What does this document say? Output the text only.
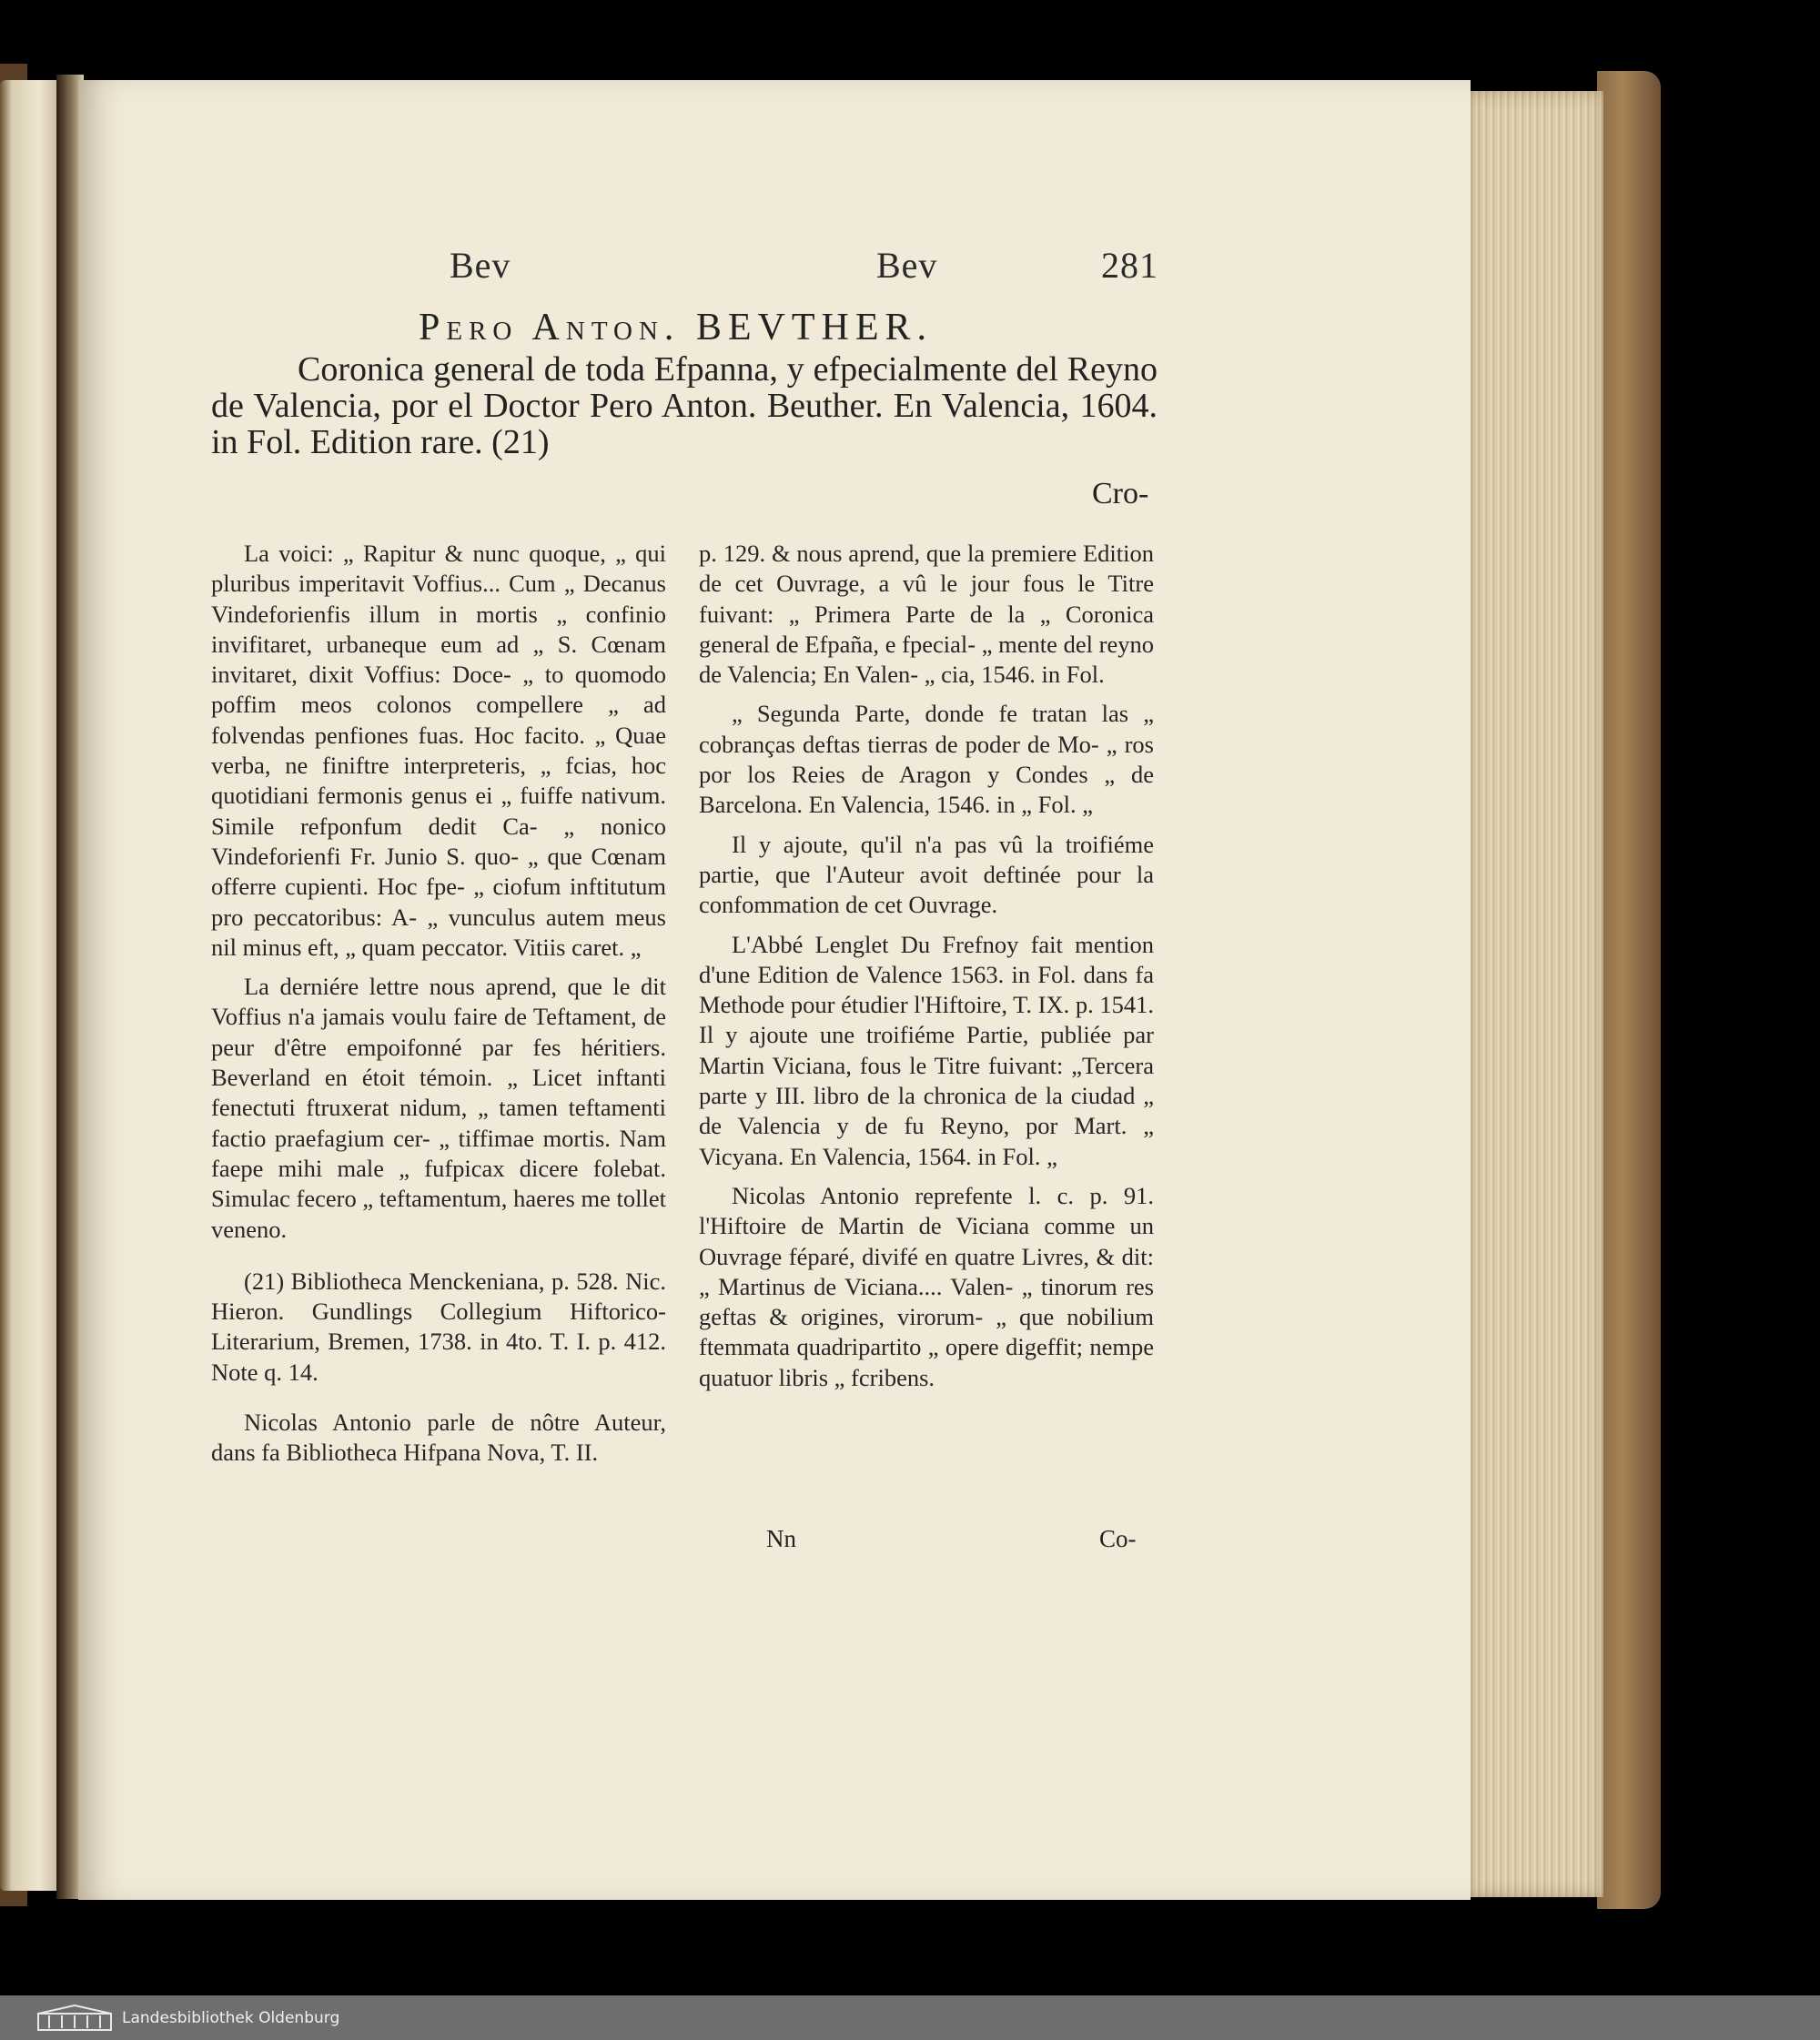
Bev	Bev	281
Pero Anton. BEVTHER.
Coronica general de toda Efpanna, y efpecialmente del Reyno de Valencia, por el Doctor Pero Anton. Beuther. En Valencia, 1604. in Fol. Edition rare. (21)
Cro-

La voici: „ Rapitur & nunc quoque, „ qui pluribus imperitavit Voffius... Cum „ Decanus Vindeforienfis illum in mortis „ confinio invifitaret, urbaneque eum ad „ S. Cœnam invitaret, dixit Voffius: Doce- „ to quomodo poffim meos colonos compellere „ ad folvendas penfiones fuas. Hoc facito. „ Quae verba, ne finiftre interpreteris, „ fcias, hoc quotidiani fermonis genus ei „ fuiffe nativum. Simile refponfum dedit Ca- „ nonico Vindeforienfi Fr. Junio S. quo- „ que Cœnam offerre cupienti. Hoc fpe- „ ciofum inftitutum pro peccatoribus: A- „ vunculus autem meus nil minus eft, „ quam peccator. Vitiis caret. „

La derniére lettre nous aprend, que le dit Voffius n'a jamais voulu faire de Teftament, de peur d'être empoifonné par fes héritiers. Beverland en étoit témoin. „ Licet inftanti fenectuti ftruxerat nidum, „ tamen teftamenti factio praefagium cer- „ tiffimae mortis. Nam faepe mihi male „ fufpicax dicere folebat. Simulac fecero „ teftamentum, haeres me tollet veneno.

(21) Bibliotheca Menckeniana, p. 528. Nic. Hieron. Gundlings Collegium Hiftorico-Literarium, Bremen, 1738. in 4to. T. I. p. 412. Note q. 14.

Nicolas Antonio parle de nôtre Auteur, dans fa Bibliotheca Hifpana Nova, T. II.

p. 129. & nous aprend, que la premiere Edition de cet Ouvrage, a vû le jour fous le Titre fuivant: „ Primera Parte de la „ Coronica general de Efpaña, e fpecial- „ mente del reyno de Valencia; En Valen- „ cia, 1546. in Fol.

„ Segunda Parte, donde fe tratan las „ cobranças deftas tierras de poder de Mo- „ ros por los Reies de Aragon y Condes „ de Barcelona. En Valencia, 1546. in „ Fol. „

Il y ajoute, qu'il n'a pas vû la troifiéme partie, que l'Auteur avoit deftinée pour la confommation de cet Ouvrage.

L'Abbé Lenglet Du Frefnoy fait mention d'une Edition de Valence 1563. in Fol. dans fa Methode pour étudier l'Hiftoire, T. IX. p. 1541. Il y ajoute une troifiéme Partie, publiée par Martin Viciana, fous le Titre fuivant: „Tercera parte y III. libro de la chronica de la ciudad „ de Valencia y de fu Reyno, por Mart. „ Vicyana. En Valencia, 1564. in Fol. „

Nicolas Antonio reprefente l. c. p. 91. l'Hiftoire de Martin de Viciana comme un Ouvrage féparé, divifé en quatre Livres, & dit: „ Martinus de Viciana.... Valen- „ tinorum res geftas & origines, virorum- „ que nobilium ftemmata quadripartito „ opere digeffit; nempe quatuor libris „ fcribens.

Nn	Co-
Landesbibliothek Oldenburg
